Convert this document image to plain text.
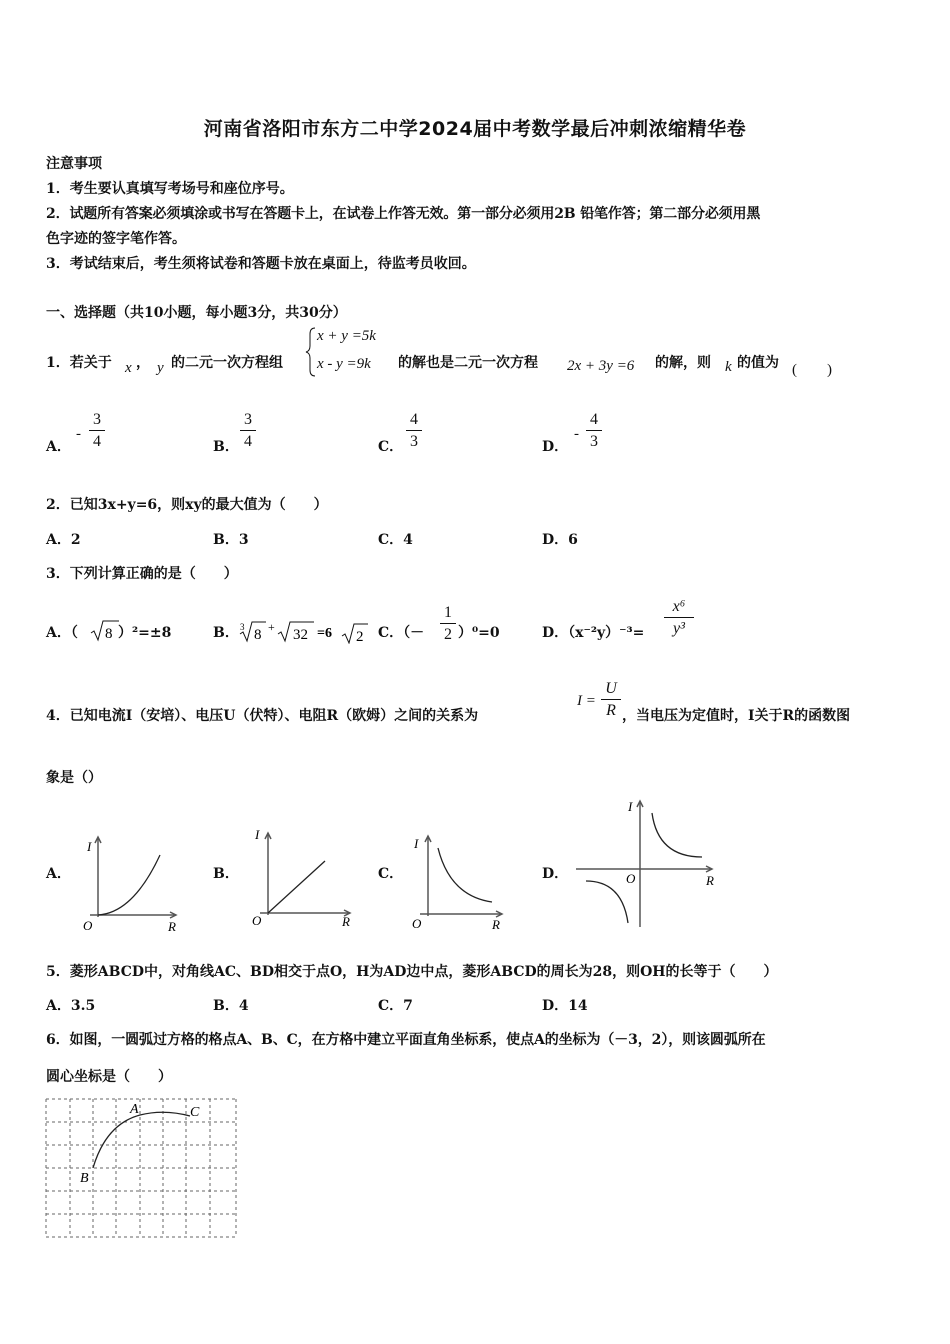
河南省洛阳市东方二中学2024届中考数学最后冲刺浓缩精华卷
注意事项
1．考生要认真填写考场号和座位序号。
2．试题所有答案必须填涂或书写在答题卡上，在试卷上作答无效。第一部分必须用2B 铅笔作答；第二部分必须用黑
色字迹的签字笔作答。
3．考试结束后，考生须将试卷和答题卡放在桌面上，待监考员收回。
一、选择题（共10小题，每小题3分，共30分）
1．若关于 x ， y 的二元一次方程组
x + y =5k
x - y =9k 的解也是二元一次方程 2x + 3y =6 的解，则 k 的值为 (　　)
A．
-
3
4	B．
3
4	C．
4
3	D．
-
4
3
2．已知3x+y=6，则xy的最大值为（　　）
A．2	B．3	C．4	D．6
3．下列计算正确的是（　　）
A．（ 8 ）²=±8	B． 3 8 + 32 =6 2 C．（－
1
2 ）⁰=0	D．（x⁻²y）⁻³=
x⁶
y³
4．已知电流I（安培）、电压U（伏特）、电阻R（欧姆）之间的关系为
I =
U
R ，当电压为定值时，I关于R的函数图
象是（）
A．
I
O	R
B．
I
O	R
C．
I
O	R
D．
I
O	R
5．菱形ABCD中，对角线AC、BD相交于点O，H为AD边中点，菱形ABCD的周长为28，则OH的长等于（　　）
A．3.5	B．4	C．7	D．14
6．如图，一圆弧过方格的格点A、B、C，在方格中建立平面直角坐标系，使点A的坐标为（－3，2），则该圆弧所在
圆心坐标是（　　）
A
B
C
